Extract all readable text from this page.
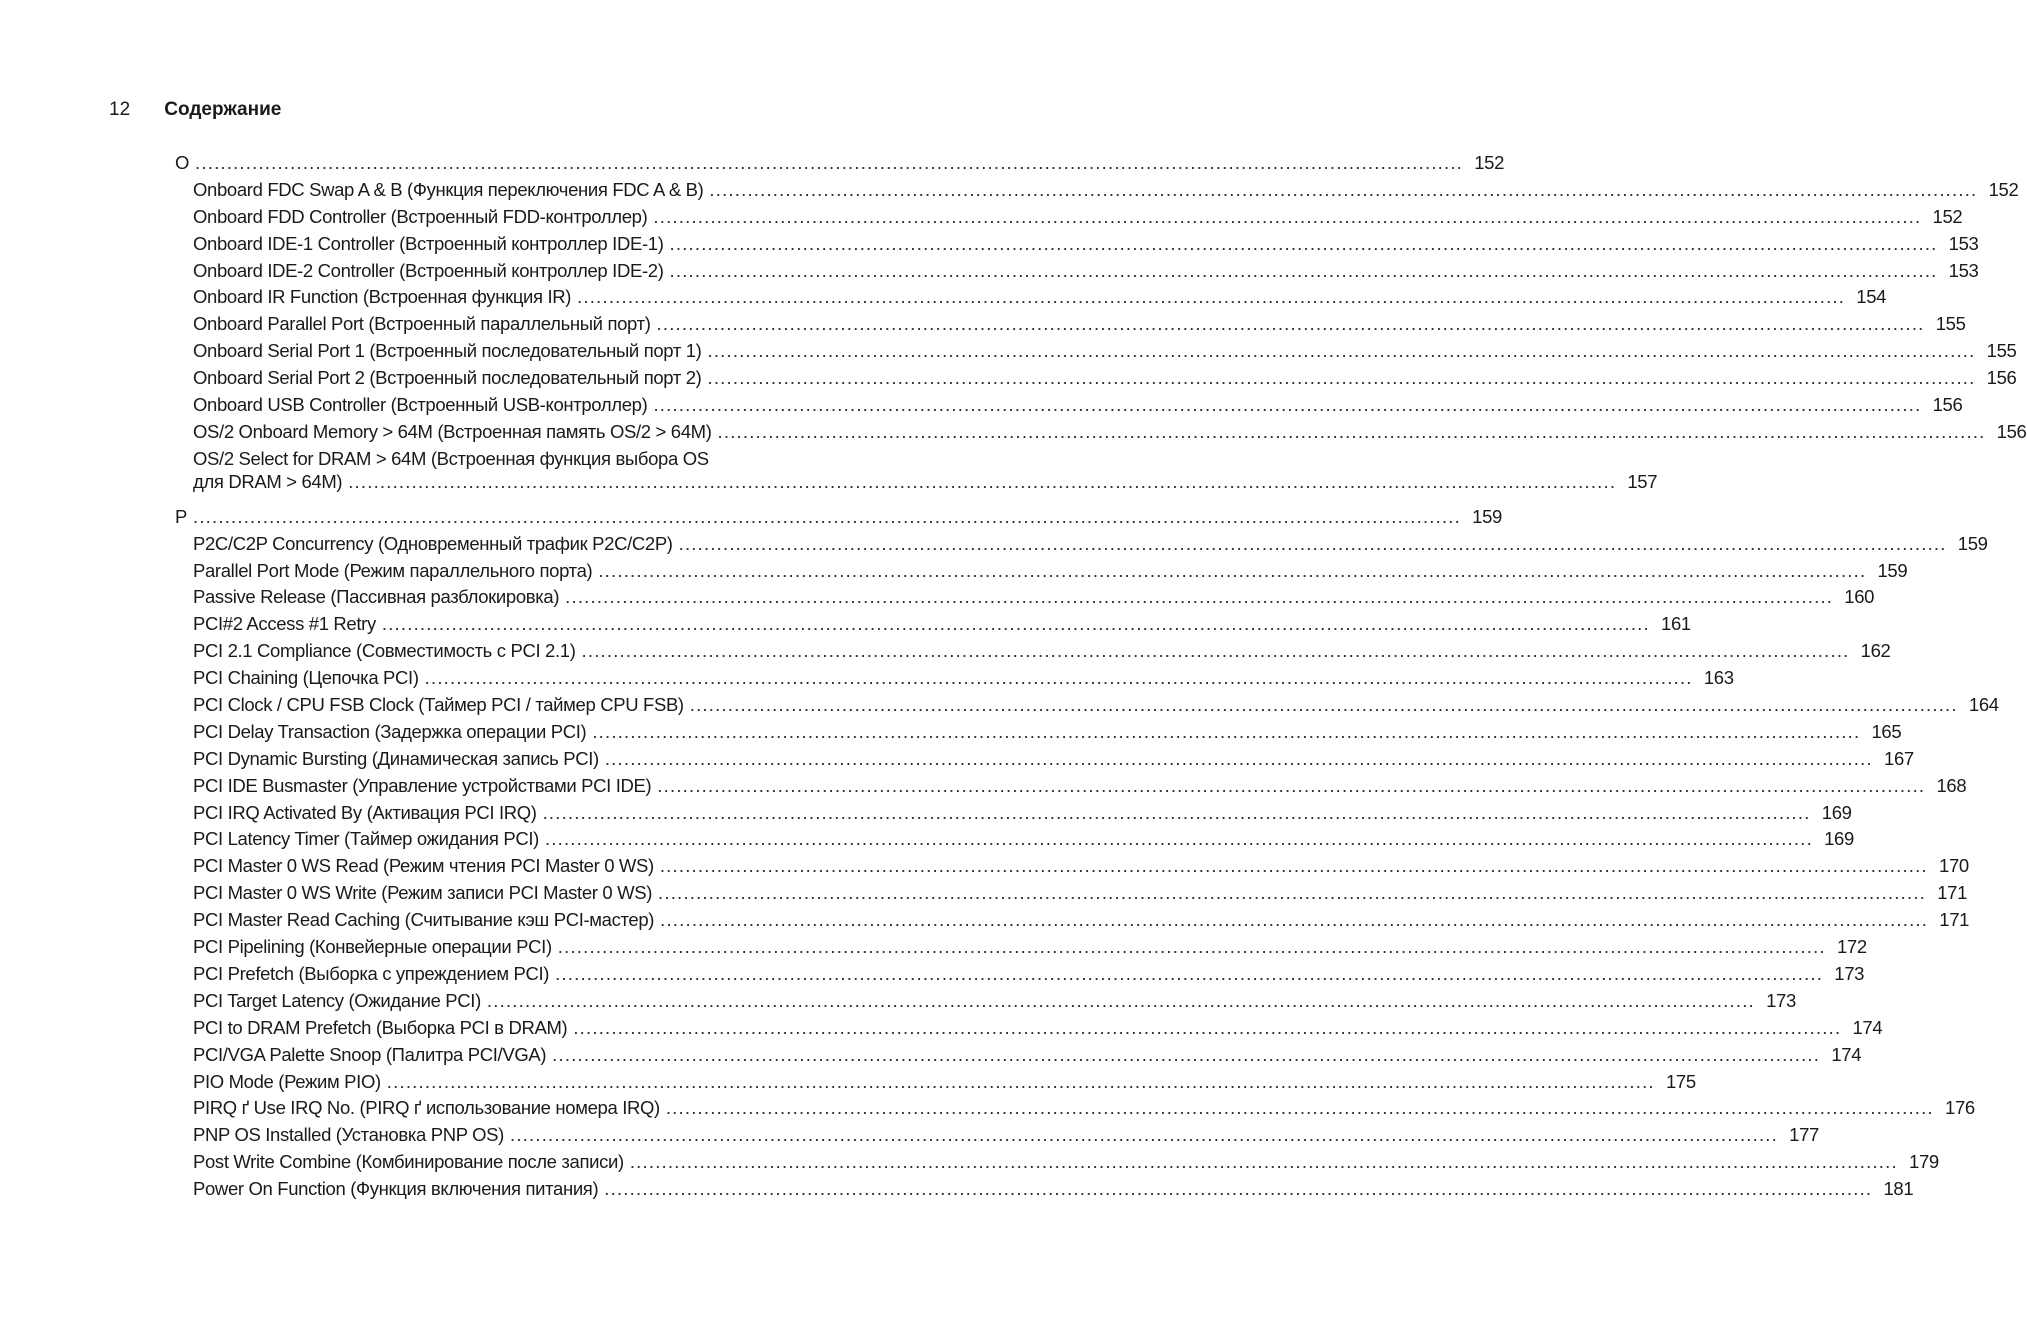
12 Содержание
O .....	152
Onboard FDC Swap A & B (Функция переключения FDC A & B) .....	152
Onboard FDD Controller (Встроенный FDD-контроллер) .....	152
Onboard IDE-1 Controller (Встроенный контроллер IDE-1) .....	153
Onboard IDE-2 Controller (Встроенный контроллер IDE-2) .....	153
Onboard IR Function (Встроенная функция IR) .....	154
Onboard Parallel Port (Встроенный параллельный порт) .....	155
Onboard Serial Port 1 (Встроенный последовательный порт 1) .....	155
Onboard Serial Port 2 (Встроенный последовательный порт 2) .....	156
Onboard USB Controller (Встроенный USB-контроллер) .....	156
OS/2 Onboard Memory > 64M (Встроенная память OS/2 > 64M) .....	156
OS/2 Select for DRAM > 64M (Встроенная функция выбора OS
для DRAM > 64M) .....	157
P .....	159
P2C/C2P Concurrency (Одновременный трафик P2C/C2P) .....	159
Parallel Port Mode (Режим параллельного порта) .....	159
Passive Release (Пассивная разблокировка) .....	160
PCI#2 Access #1 Retry .....	161
PCI 2.1 Compliance (Совместимость с PCI 2.1) .....	162
PCI Chaining (Цепочка PCI) .....	163
PCI Clock / CPU FSB Clock (Таймер PCI / таймер CPU FSB) .....	164
PCI Delay Transaction (Задержка операции PCI) .....	165
PCI Dynamic Bursting (Динамическая запись PCI) .....	167
PCI IDE Busmaster (Управление устройствами PCI IDE) .....	168
PCI IRQ Activated By (Активация PCI IRQ) .....	169
PCI Latency Timer (Таймер ожидания PCI) .....	169
PCI Master 0 WS Read (Режим чтения PCI Master 0 WS) .....	170
PCI Master 0 WS Write (Режим записи PCI Master 0 WS) .....	171
PCI Master Read Caching (Считывание кэш PCI-мастер) .....	171
PCI Pipelining (Конвейерные операции PCI) .....	172
PCI Prefetch (Выборка с упреждением PCI) .....	173
PCI Target Latency (Ожидание PCI) .....	173
PCI to DRAM Prefetch (Выборка PCI в DRAM) .....	174
PCI/VGA Palette Snoop (Палитра PCI/VGA) .....	174
PIO Mode (Режим PIO) .....	175
PIRQ ґ Use IRQ No. (PIRQ ґ использование номера IRQ) .....	176
PNP OS Installed (Установка PNP OS) .....	177
Post Write Combine (Комбинирование после записи) .....	179
Power On Function (Функция включения питания) .....	181
